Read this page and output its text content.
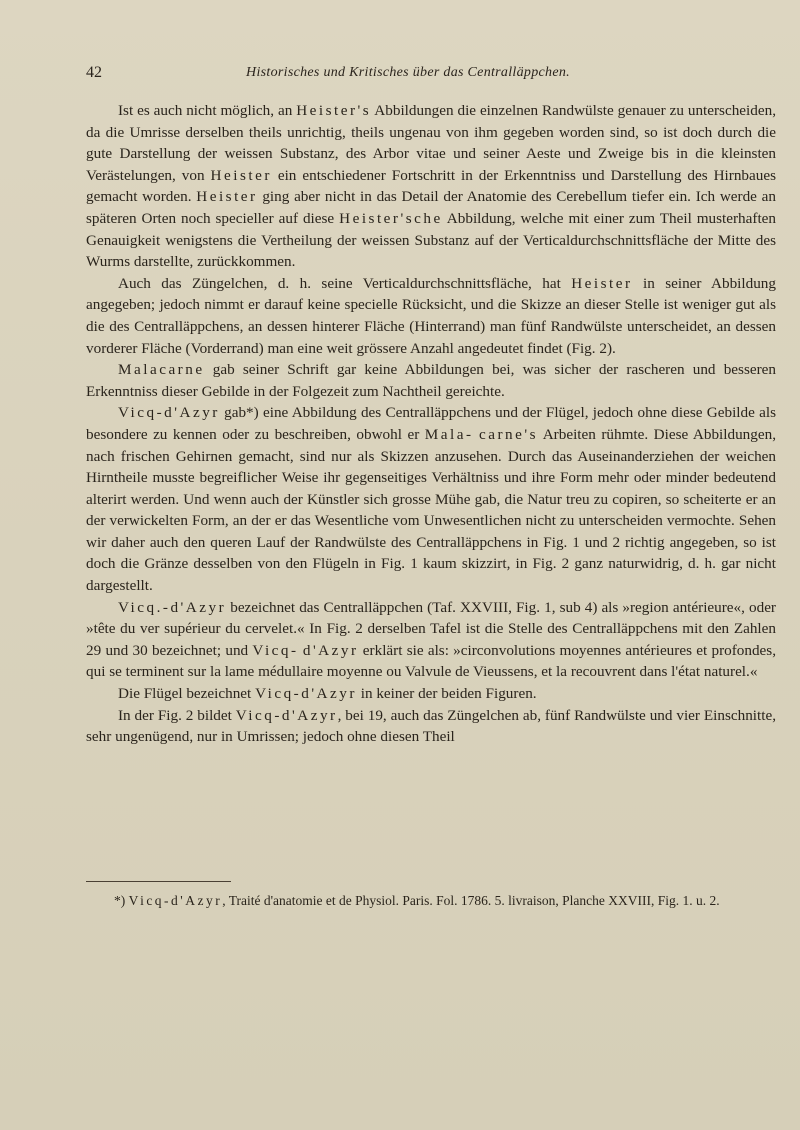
42	Historisches und Kritisches über das Centralläppchen.

Ist es auch nicht möglich, an Heister's Abbildungen die einzelnen Randwülste genauer zu unterscheiden, da die Umrisse derselben theils unrichtig, theils ungenau von ihm gegeben worden sind, so ist doch durch die gute Darstellung der weissen Substanz, des Arbor vitae und seiner Aeste und Zweige bis in die kleinsten Verästelungen, von Heister ein entschiedener Fortschritt in der Erkenntniss und Darstellung des Hirnbaues gemacht worden. Heister ging aber nicht in das Detail der Anatomie des Cerebellum tiefer ein. Ich werde an späteren Orten noch specieller auf diese Heister'sche Abbildung, welche mit einer zum Theil musterhaften Genauigkeit wenigstens die Vertheilung der weissen Substanz auf der Verticaldurchschnittsfläche der Mitte des Wurms darstellte, zurückkommen.

Auch das Züngelchen, d. h. seine Verticaldurchschnittsfläche, hat Heister in seiner Abbildung angegeben; jedoch nimmt er darauf keine specielle Rücksicht, und die Skizze an dieser Stelle ist weniger gut als die des Centralläppchens, an dessen hinterer Fläche (Hinterrand) man fünf Randwülste unterscheidet, an dessen vorderer Fläche (Vorderrand) man eine weit grössere Anzahl angedeutet findet (Fig. 2).

Malacarne gab seiner Schrift gar keine Abbildungen bei, was sicher der rascheren und besseren Erkenntniss dieser Gebilde in der Folgezeit zum Nachtheil gereichte.

Vicq-d'Azyr gab*) eine Abbildung des Centralläppchens und der Flügel, jedoch ohne diese Gebilde als besondere zu kennen oder zu beschreiben, obwohl er Mala- carne's Arbeiten rühmte. Diese Abbildungen, nach frischen Gehirnen gemacht, sind nur als Skizzen anzusehen. Durch das Auseinanderziehen der weichen Hirntheile musste begreiflicher Weise ihr gegenseitiges Verhältniss und ihre Form mehr oder minder bedeutend alterirt werden. Und wenn auch der Künstler sich grosse Mühe gab, die Natur treu zu copiren, so scheiterte er an der verwickelten Form, an der er das Wesentliche vom Unwesentlichen nicht zu unterscheiden vermochte. Sehen wir daher auch den queren Lauf der Randwülste des Centralläppchens in Fig. 1 und 2 richtig angegeben, so ist doch die Gränze desselben von den Flügeln in Fig. 1 kaum skizzirt, in Fig. 2 ganz naturwidrig, d. h. gar nicht dargestellt.

Vicq.-d'Azyr bezeichnet das Centralläppchen (Taf. XXVIII, Fig. 1, sub 4) als »region antérieure«, oder »tête du ver supérieur du cervelet.« In Fig. 2 derselben Tafel ist die Stelle des Centralläppchens mit den Zahlen 29 und 30 bezeichnet; und Vicq- d'Azyr erklärt sie als: »circonvolutions moyennes antérieures et profondes, qui se terminent sur la lame médullaire moyenne ou Valvule de Vieussens, et la recouvrent dans l'état naturel.«

Die Flügel bezeichnet Vicq-d'Azyr in keiner der beiden Figuren.

In der Fig. 2 bildet Vicq-d'Azyr, bei 19, auch das Züngelchen ab, fünf Randwülste und vier Einschnitte, sehr ungenügend, nur in Umrissen; jedoch ohne diesen Theil

*) Vicq-d'Azyr, Traité d'anatomie et de Physiol. Paris. Fol. 1786. 5. livraison, Planche XXVIII, Fig. 1. u. 2.
